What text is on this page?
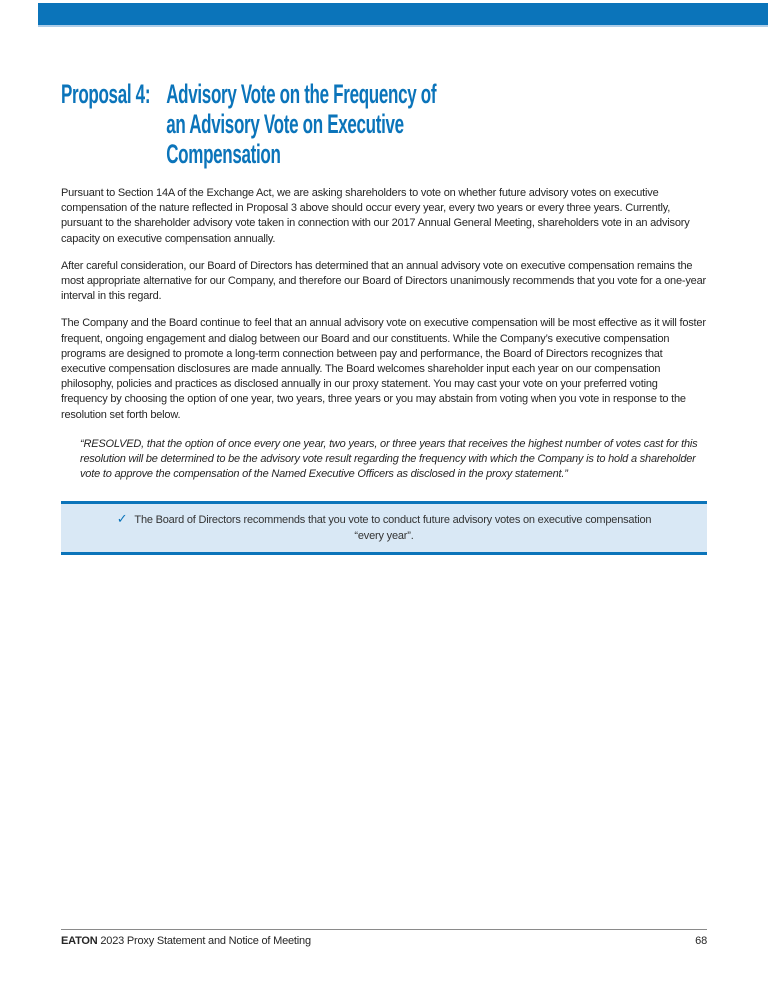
Proposal 4: Advisory Vote on the Frequency of
an Advisory Vote on Executive
Compensation

Pursuant to Section 14A of the Exchange Act, we are asking shareholders to vote on whether future advisory votes on executive compensation of the nature reflected in Proposal 3 above should occur every year, every two years or every three years. Currently, pursuant to the shareholder advisory vote taken in connection with our 2017 Annual General Meeting, shareholders vote in an advisory capacity on executive compensation annually.

After careful consideration, our Board of Directors has determined that an annual advisory vote on executive compensation remains the most appropriate alternative for our Company, and therefore our Board of Directors unanimously recommends that you vote for a one-year interval in this regard.

The Company and the Board continue to feel that an annual advisory vote on executive compensation will be most effective as it will foster frequent, ongoing engagement and dialog between our Board and our constituents. While the Company’s executive compensation programs are designed to promote a long-term connection between pay and performance, the Board of Directors recognizes that executive compensation disclosures are made annually. The Board welcomes shareholder input each year on our compensation philosophy, policies and practices as disclosed annually in our proxy statement. You may cast your vote on your preferred voting frequency by choosing the option of one year, two years, three years or you may abstain from voting when you vote in response to the resolution set forth below.

“RESOLVED, that the option of once every one year, two years, or three years that receives the highest number of votes cast for this resolution will be determined to be the advisory vote result regarding the frequency with which the Company is to hold a shareholder vote to approve the compensation of the Named Executive Officers as disclosed in the proxy statement.”

✓ The Board of Directors recommends that you vote to conduct future advisory votes on executive compensation
“every year”.
EATON 2023 Proxy Statement and Notice of Meeting	68
